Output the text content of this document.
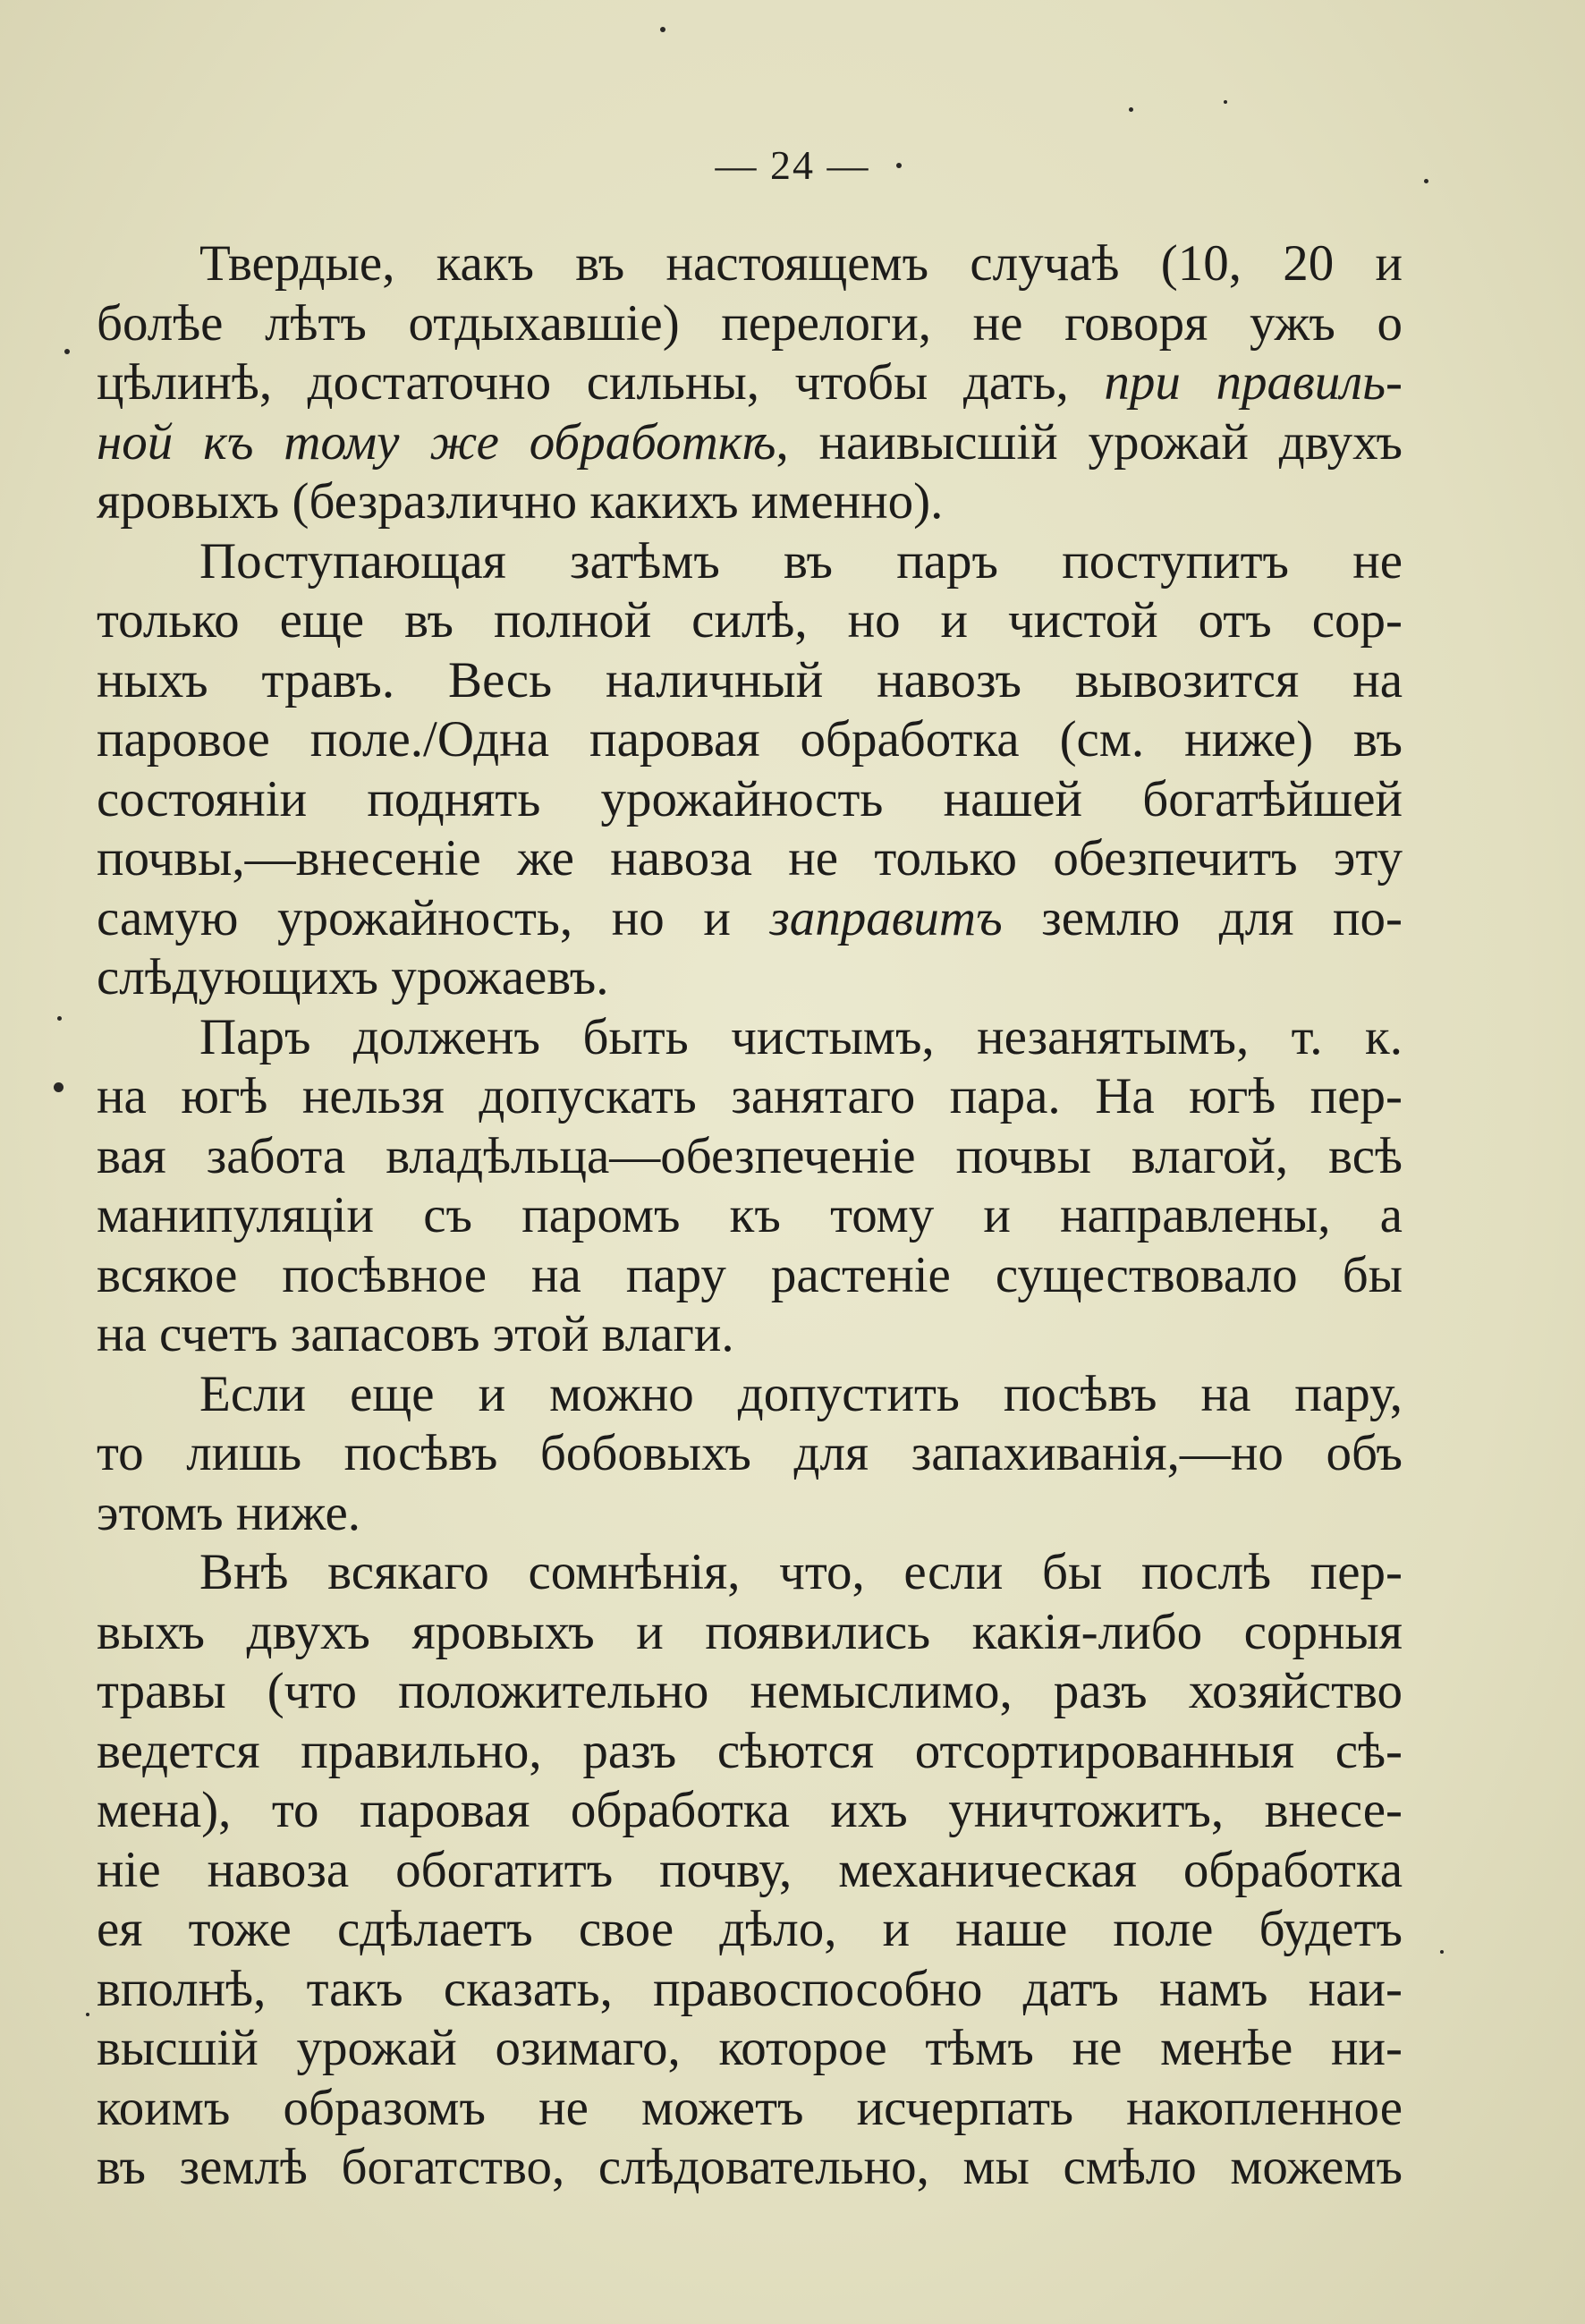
— 24 —
Твердые, какъ въ настоящемъ случаѣ (10, 20 и
болѣе лѣтъ отдыхавшіе) перелоги, не говоря ужъ о
цѣлинѣ, достаточно сильны, чтобы дать, при правиль-
ной къ тому же обработкѣ, наивысшій урожай двухъ
яровыхъ (безразлично какихъ именно).
Поступающая затѣмъ въ паръ поступитъ не
только еще въ полной силѣ, но и чистой отъ сор-
ныхъ травъ. Весь наличный навозъ вывозится на
паровое поле./Одна паровая обработка (см. ниже) въ
состояніи поднять урожайность нашей богатѣйшей
почвы,—внесеніе же навоза не только обезпечитъ эту
самую урожайность, но и заправитъ землю для по-
слѣдующихъ урожаевъ.
Паръ долженъ быть чистымъ, незанятымъ, т. к.
на югѣ нельзя допускать занятаго пара. На югѣ пер-
вая забота владѣльца—обезпеченіе почвы влагой, всѣ
манипуляціи съ паромъ къ тому и направлены, а
всякое посѣвное на пару растеніе существовало бы
на счетъ запасовъ этой влаги.
Если еще и можно допустить посѣвъ на пару,
то лишь посѣвъ бобовыхъ для запахиванія,—но объ
этомъ ниже.
Внѣ всякаго сомнѣнія, что, если бы послѣ пер-
выхъ двухъ яровыхъ и появились какія-либо сорныя
травы (что положительно немыслимо, разъ хозяйство
ведется правильно, разъ сѣются отсортированныя сѣ-
мена), то паровая обработка ихъ уничтожитъ, внесе-
ніе навоза обогатитъ почву, механическая обработка
ея тоже сдѣлаетъ свое дѣло, и наше поле будетъ
вполнѣ, такъ сказать, правоспособно датъ намъ наи-
высшій урожай озимаго, которое тѣмъ не менѣе ни-
коимъ образомъ не можетъ исчерпать накопленное
въ землѣ богатство, слѣдовательно, мы смѣло можемъ
